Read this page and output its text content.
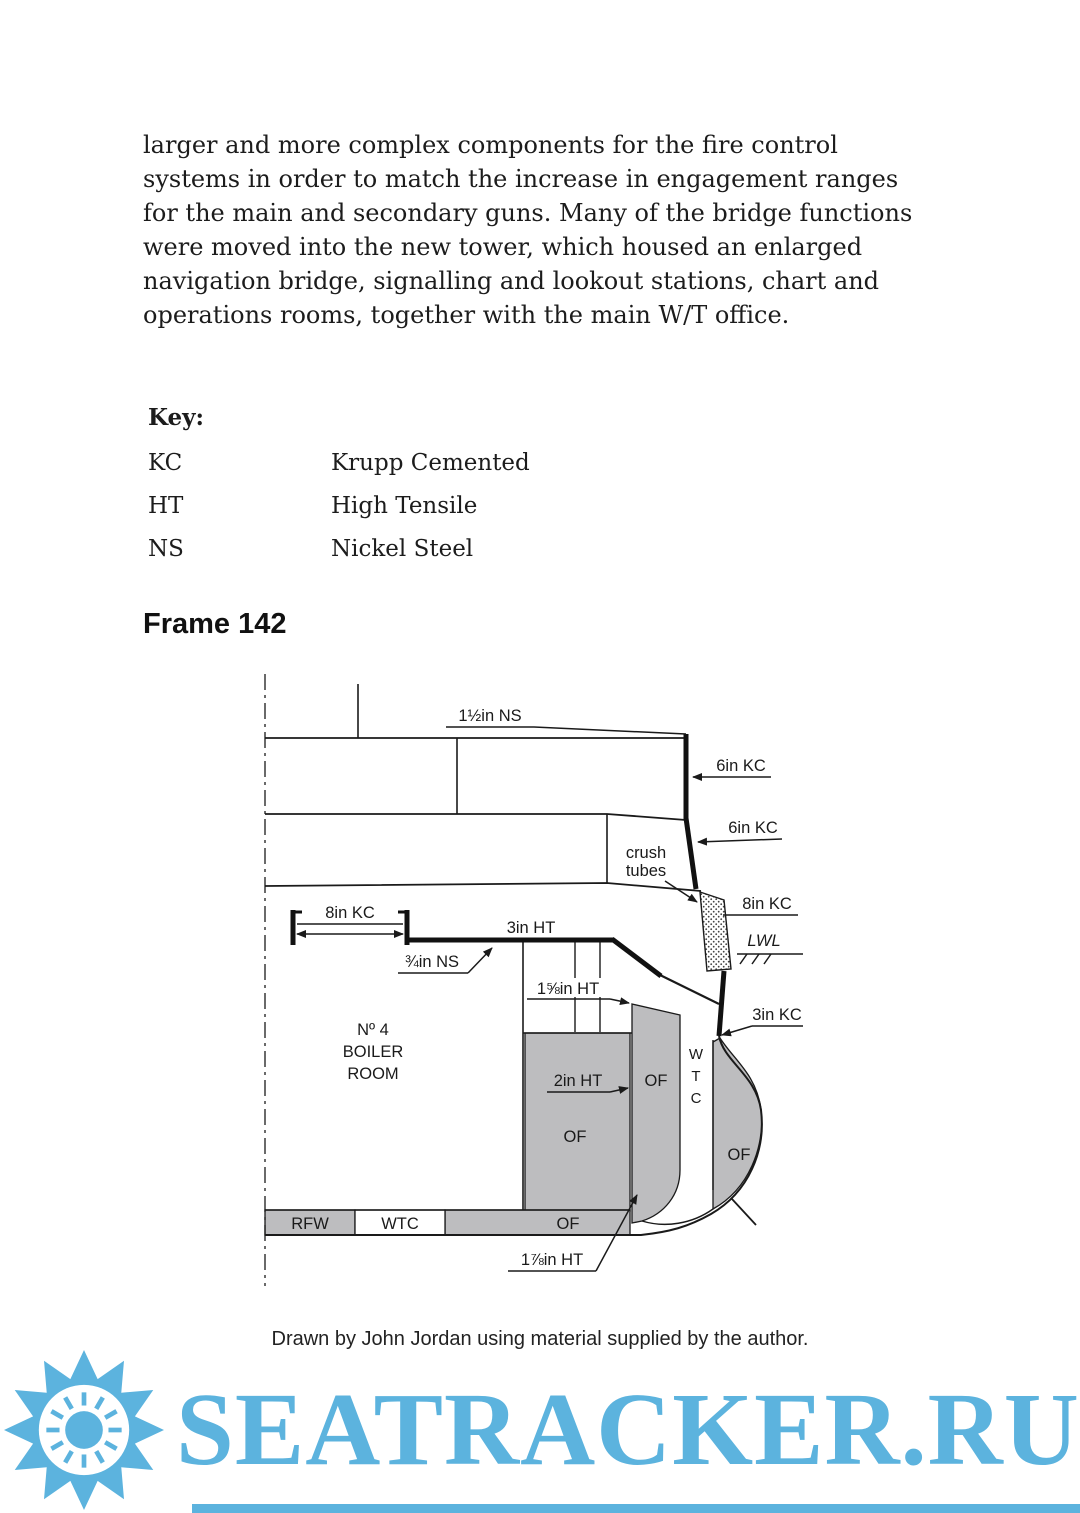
larger and more complex components for the fire control systems in order to match the increase in engagement ranges for the main and secondary guns. Many of the bridge functions were moved into the new tower, which housed an enlarged navigation bridge, signalling and lookout stations, chart and operations rooms, together with the main W/T office.

Key:
KC	Krupp Cemented
HT	High Tensile
NS	Nickel Steel
Frame 142
1½in NS
6in KC
6in KC
crush
tubes
8in KC
LWL
8in KC
3in HT
¾in NS
1⅝in HT
3in KC
Nº 4
BOILER
ROOM	2in HT	OF
W
T
C
OF
OF
RFW	WTC	OF
1⅞in HT
Drawn by John Jordan using material supplied by the author.
SEATRACKER.RU
